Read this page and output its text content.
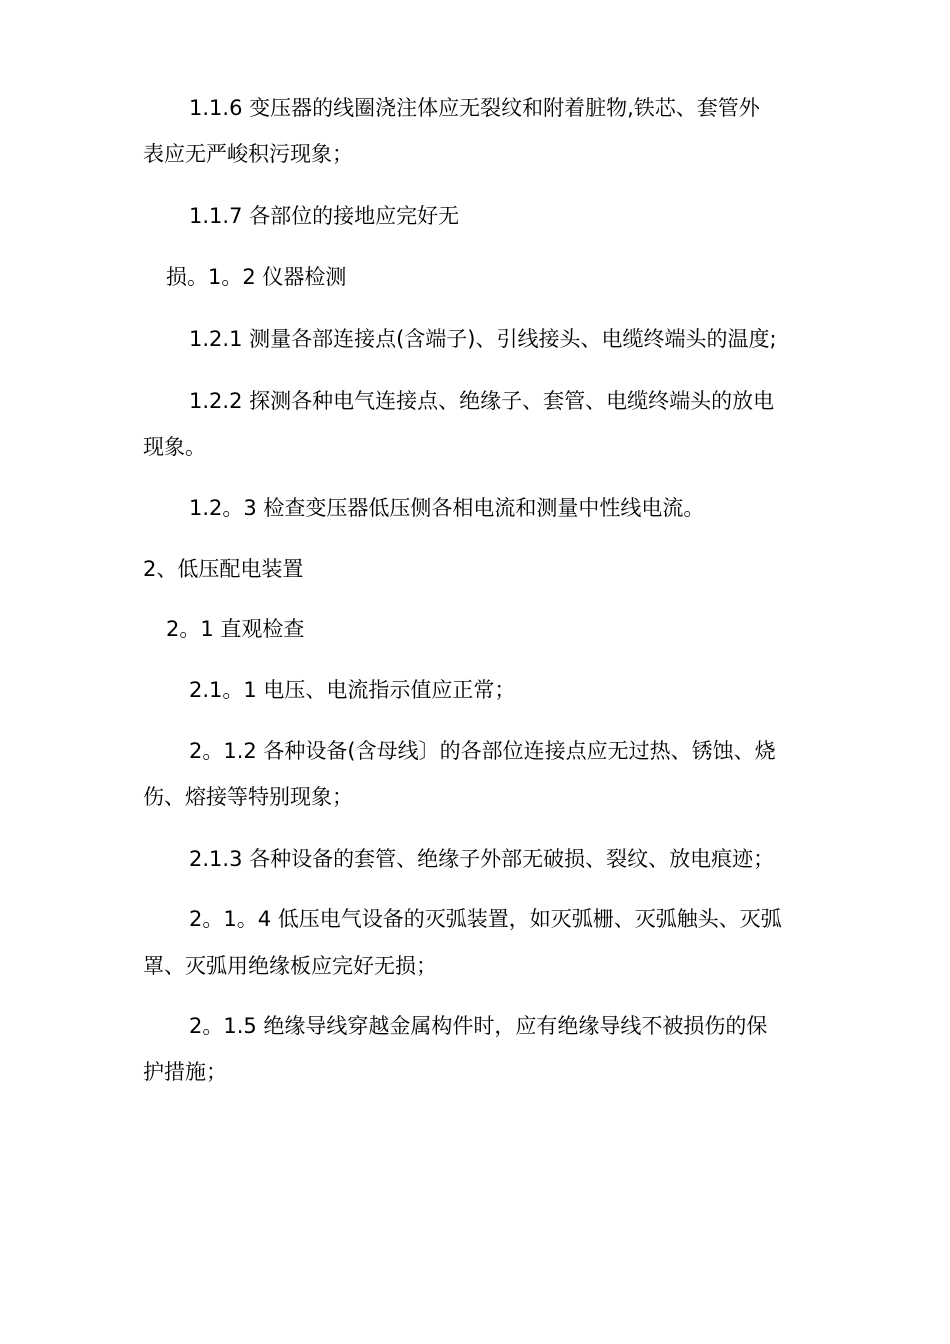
1.1.6 变压器的线圈浇注体应无裂纹和附着脏物,铁芯、套管外
表应无严峻积污现象；
1.1.7 各部位的接地应完好无
损。1。2 仪器检测
1.2.1 测量各部连接点(含端子)、引线接头、电缆终端头的温度;
1.2.2 探测各种电气连接点、绝缘子、套管、电缆终端头的放电
现象。
1.2。3 检查变压器低压侧各相电流和测量中性线电流。
2、低压配电装置
2。1 直观检查
2.1。1 电压、电流指示值应正常；
2。1.2 各种设备(含母线〕的各部位连接点应无过热、锈蚀、烧
伤、熔接等特别现象；
2.1.3 各种设备的套管、绝缘子外部无破损、裂纹、放电痕迹；
2。1。4 低压电气设备的灭弧装置，如灭弧栅、灭弧触头、灭弧
罩、灭弧用绝缘板应完好无损；
2。1.5 绝缘导线穿越金属构件时，应有绝缘导线不被损伤的保
护措施；
